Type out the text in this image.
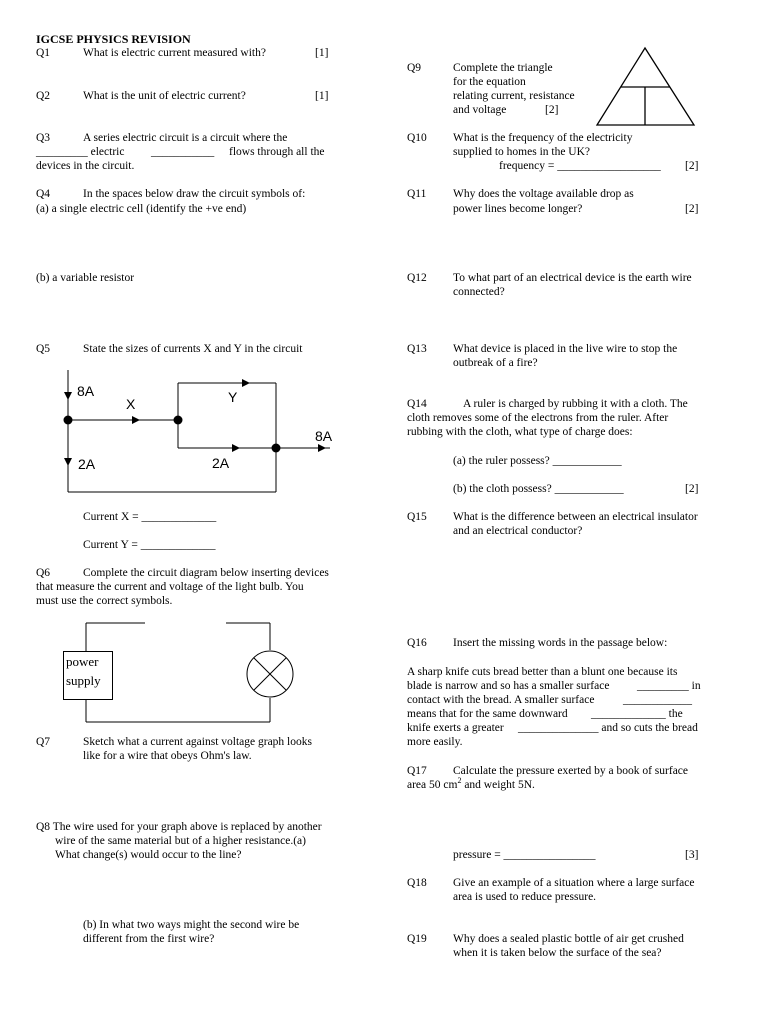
IGCSE PHYSICS REVISION
Q1	What is electric current measured with?	[1]
Q2	What is the unit of electric current?	[1]
Q3	A series electric circuit is a circuit where the
_________ electric ___________ flows through all the
devices in the circuit.
Q4	In the spaces below draw the circuit symbols of:
(a) a single electric cell (identify the +ve end)
(b) a variable resistor
Q5	State the sizes of currents X and Y in the circuit
8A
X	Y
8A
2A	2A
Current X = _____________
Current Y = _____________
Q6	Complete the circuit diagram below inserting devices
that measure the current and voltage of the light bulb. You
must use the correct symbols.
power
supply
Q7	Sketch what a current against voltage graph looks
like for a wire that obeys Ohm's law.
Q8 The wire used for your graph above is replaced by another
wire of the same material but of a higher resistance.(a)
What change(s) would occur to the line?
(b) In what two ways might the second wire be
different from the first wire?
Q9	Complete the triangle
for the equation
relating current, resistance
and voltage	[2]
Q10 What is the frequency of the electricity
supplied to homes in the UK?
frequency = __________________ [2]
Q11 Why does the voltage available drop as
power lines become longer?	[2]
Q12 To what part of an electrical device is the earth wire
connected?
Q13 What device is placed in the live wire to stop the
outbreak of a fire?
Q14	A ruler is charged by rubbing it with a cloth. The
cloth removes some of the electrons from the ruler. After
rubbing with the cloth, what type of charge does:
(a) the ruler possess? ____________
(b) the cloth possess? ____________	[2]
Q15 What is the difference between an electrical insulator
and an electrical conductor?
Q16 Insert the missing words in the passage below:
A sharp knife cuts bread better than a blunt one because its
blade is narrow and so has a smaller surface _________ in
contact with the bread. A smaller surface ____________
means that for the same downward _____________ the
knife exerts a greater ______________ and so cuts the bread
more easily.
Q17 Calculate the pressure exerted by a book of surface
area 50 $cm^2$ and weight 5N.
pressure = ________________	[3]
Q18 Give an example of a situation where a large surface
area is used to reduce pressure.
Q19 Why does a sealed plastic bottle of air get crushed
when it is taken below the surface of the sea?
